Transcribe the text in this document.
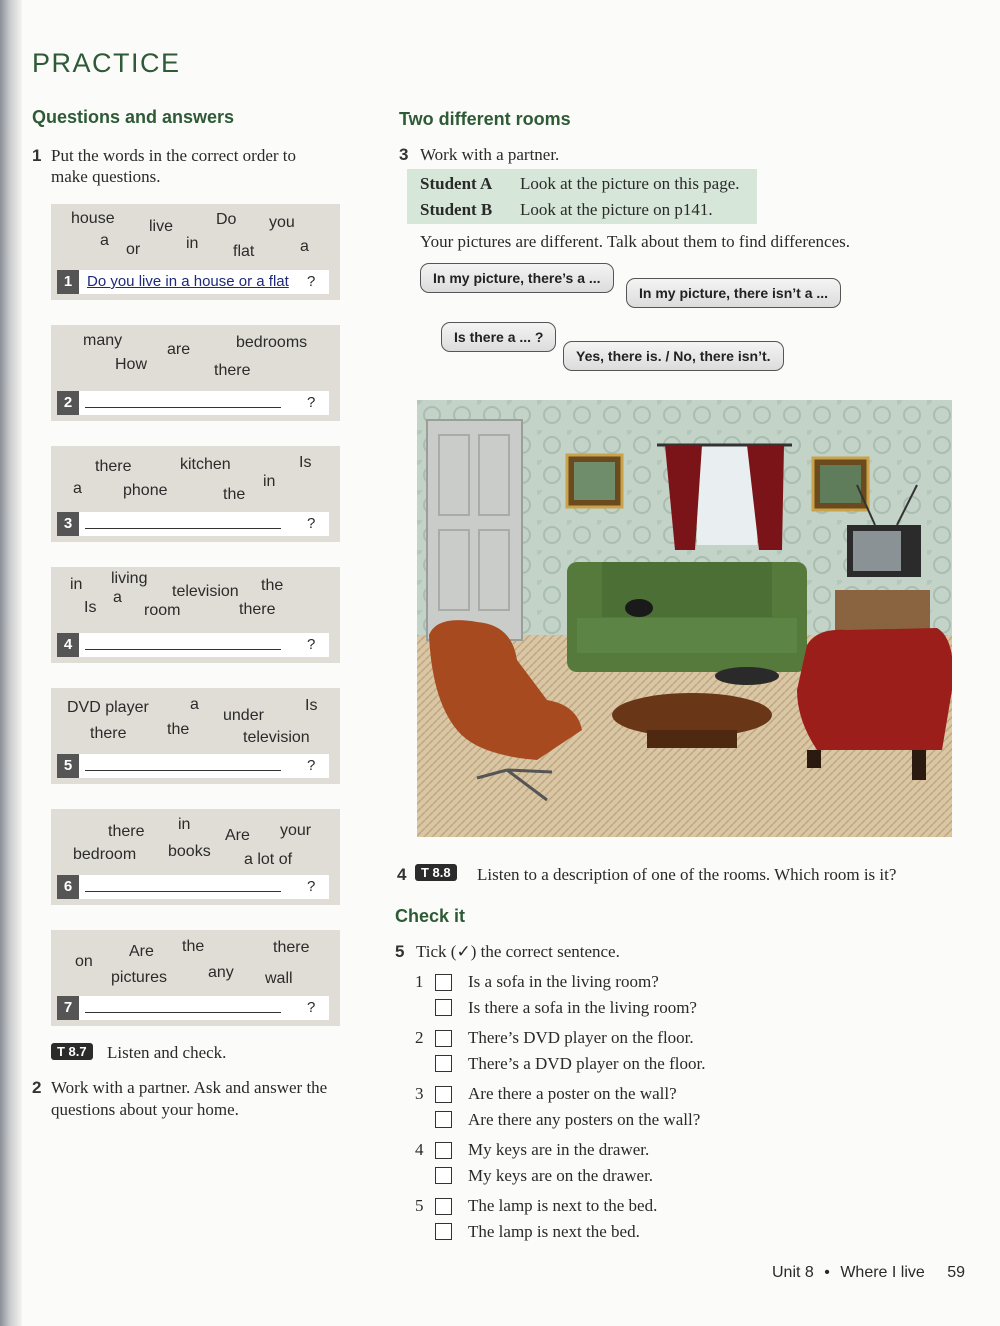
PRACTICE
Questions and answers
1 Put the words in the correct order to
make questions.
house live	Do you
a
or	in flat	a
1 Do you live in a house or a flat ?
many
are	bedrooms
How	there
2	?
there	kitchen	Is
a	phone
in
the
3	?
in living
television the
a
Is	room	there
4	?
DVD player	a	Is
under
there	the	television
5	?
there in
Are your
bedroom books a lot of
6	?
Are the	there
on
pictures	any wall
7	?
T 8.7	Listen and check.
2 Work with a partner. Ask and answer the
questions about your home.
Two different rooms
3 Work with a partner.
Student A Look at the picture on this page.
Student B Look at the picture on p141.
Your pictures are different. Talk about them to find differences.
In my picture, there’s a ...
In my picture, there isn’t a ...
Is there a ... ?
Yes, there is. / No, there isn’t.
4	T 8.8	Listen to a description of one of the rooms. Which room is it?
Check it
5 Tick (✓) the correct sentence.
1	Is a sofa in the living room?
Is there a sofa in the living room?
2	There’s DVD player on the floor.
There’s a DVD player on the floor.
3	Are there a poster on the wall?
Are there any posters on the wall?
4	My keys are in the drawer.
My keys are on the drawer.
5	The lamp is next to the bed.
The lamp is next the bed.
Unit 8 • Where I live 59
